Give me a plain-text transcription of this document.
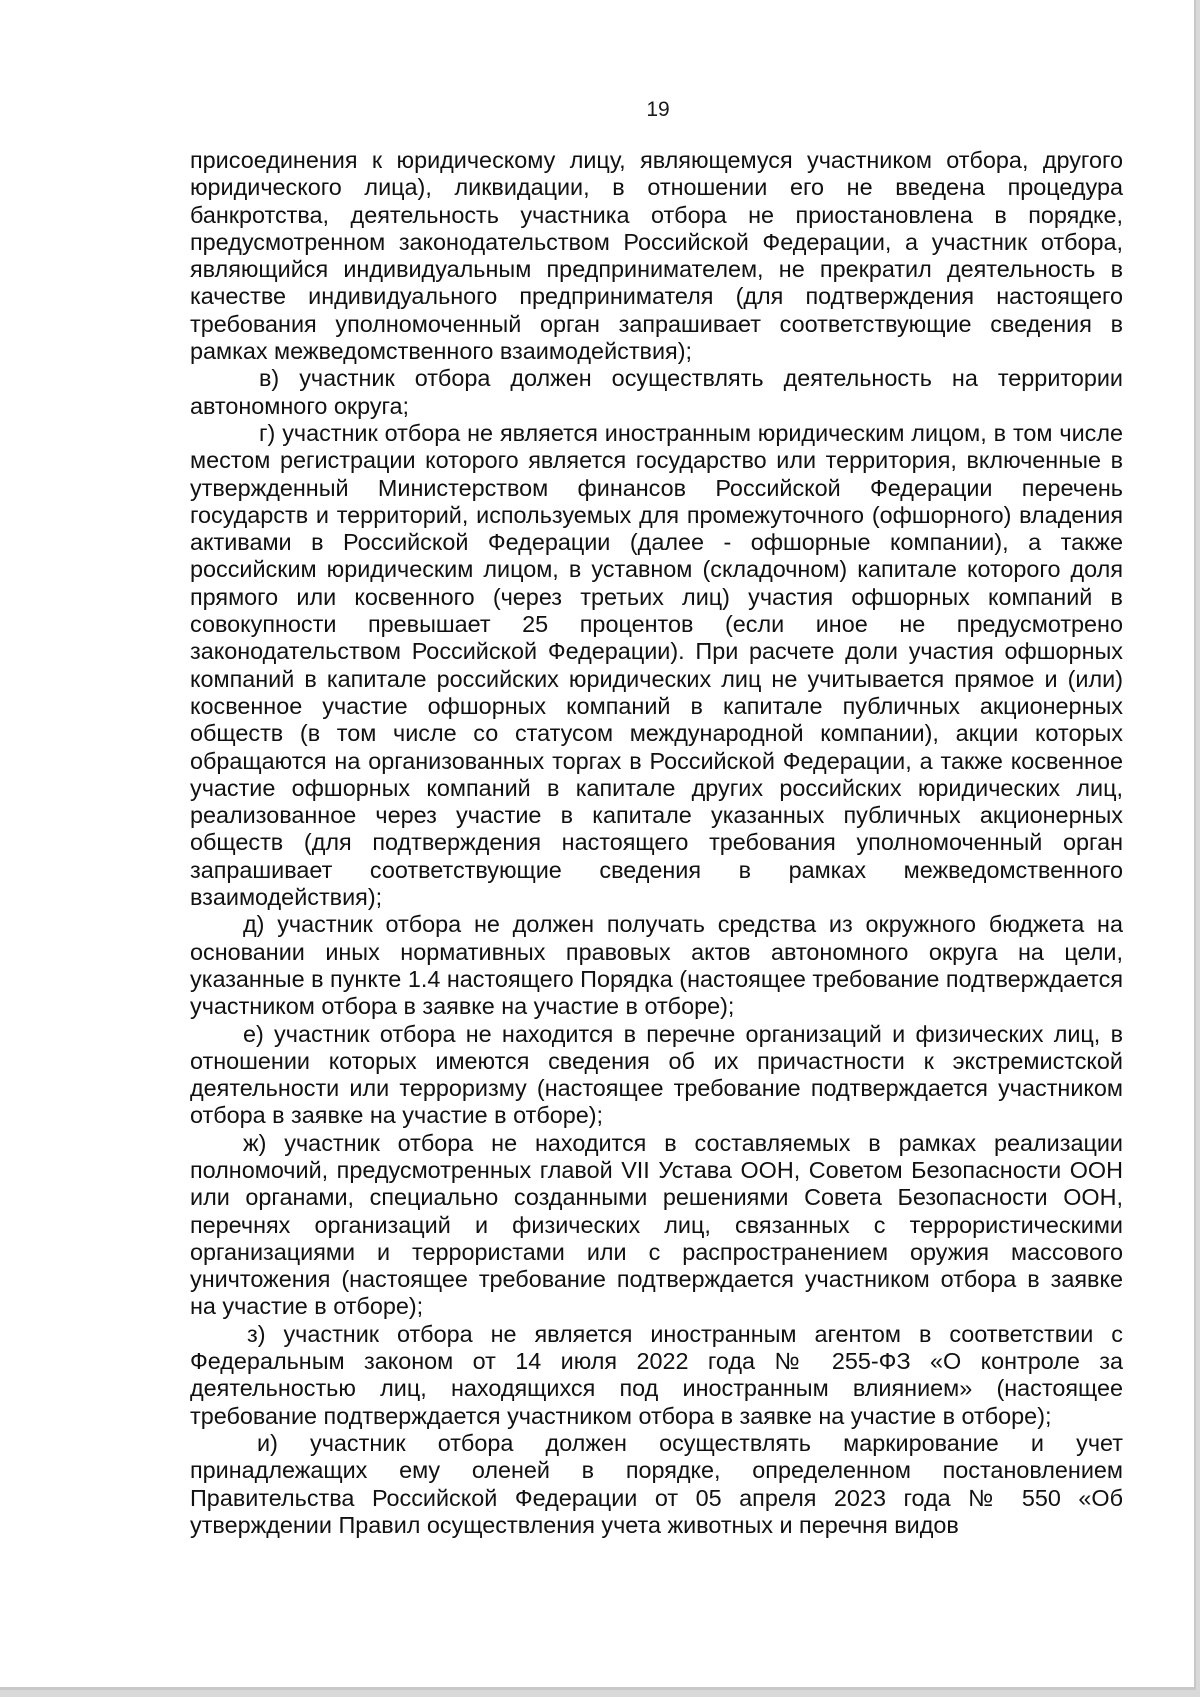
19

присоединения к юридическому лицу, являющемуся участником отбора, другого юридического лица), ликвидации, в отношении его не введена процедура банкротства, деятельность участника отбора не приостановлена в порядке, предусмотренном законодательством Российской Федерации, а участник отбора, являющийся индивидуальным предпринимателем, не прекратил деятельность в качестве индивидуального предпринимателя (для подтверждения настоящего требования уполномоченный орган запрашивает соответствующие сведения в рамках межведомственного взаимодействия);

в) участник отбора должен осуществлять деятельность на территории автономного округа;

г) участник отбора не является иностранным юридическим лицом, в том числе местом регистрации которого является государство или территория, включенные в утвержденный Министерством финансов Российской Федерации перечень государств и территорий, используемых для промежуточного (офшорного) владения активами в Российской Федерации (далее - офшорные компании), а также российским юридическим лицом, в уставном (складочном) капитале которого доля прямого или косвенного (через третьих лиц) участия офшорных компаний в совокупности превышает 25 процентов (если иное не предусмотрено законодательством Российской Федерации). При расчете доли участия офшорных компаний в капитале российских юридических лиц не учитывается прямое и (или) косвенное участие офшорных компаний в капитале публичных акционерных обществ (в том числе со статусом международной компании), акции которых обращаются на организованных торгах в Российской Федерации, а также косвенное участие офшорных компаний в капитале других российских юридических лиц, реализованное через участие в капитале указанных публичных акционерных обществ (для подтверждения настоящего требования уполномоченный орган запрашивает соответствующие сведения в рамках межведомственного взаимодействия);

д) участник отбора не должен получать средства из окружного бюджета на основании иных нормативных правовых актов автономного округа на цели, указанные в пункте 1.4 настоящего Порядка (настоящее требование подтверждается участником отбора в заявке на участие в отборе);

е) участник отбора не находится в перечне организаций и физических лиц, в отношении которых имеются сведения об их причастности к экстремистской деятельности или терроризму (настоящее требование подтверждается участником отбора в заявке на участие в отборе);

ж) участник отбора не находится в составляемых в рамках реализации полномочий, предусмотренных главой VII Устава ООН, Советом Безопасности ООН или органами, специально созданными решениями Совета Безопасности ООН, перечнях организаций и физических лиц, связанных с террористическими организациями и террористами или с распространением оружия массового уничтожения (настоящее требование подтверждается участником отбора в заявке на участие в отборе);

з) участник отбора не является иностранным агентом в соответствии с Федеральным законом от 14 июля 2022 года № 255-ФЗ «О контроле за деятельностью лиц, находящихся под иностранным влиянием» (настоящее требование подтверждается участником отбора в заявке на участие в отборе);

и) участник отбора должен осуществлять маркирование и учет принадлежащих ему оленей в порядке, определенном постановлением Правительства Российской Федерации от 05 апреля 2023 года № 550 «Об утверждении Правил осуществления учета животных и перечня видов
